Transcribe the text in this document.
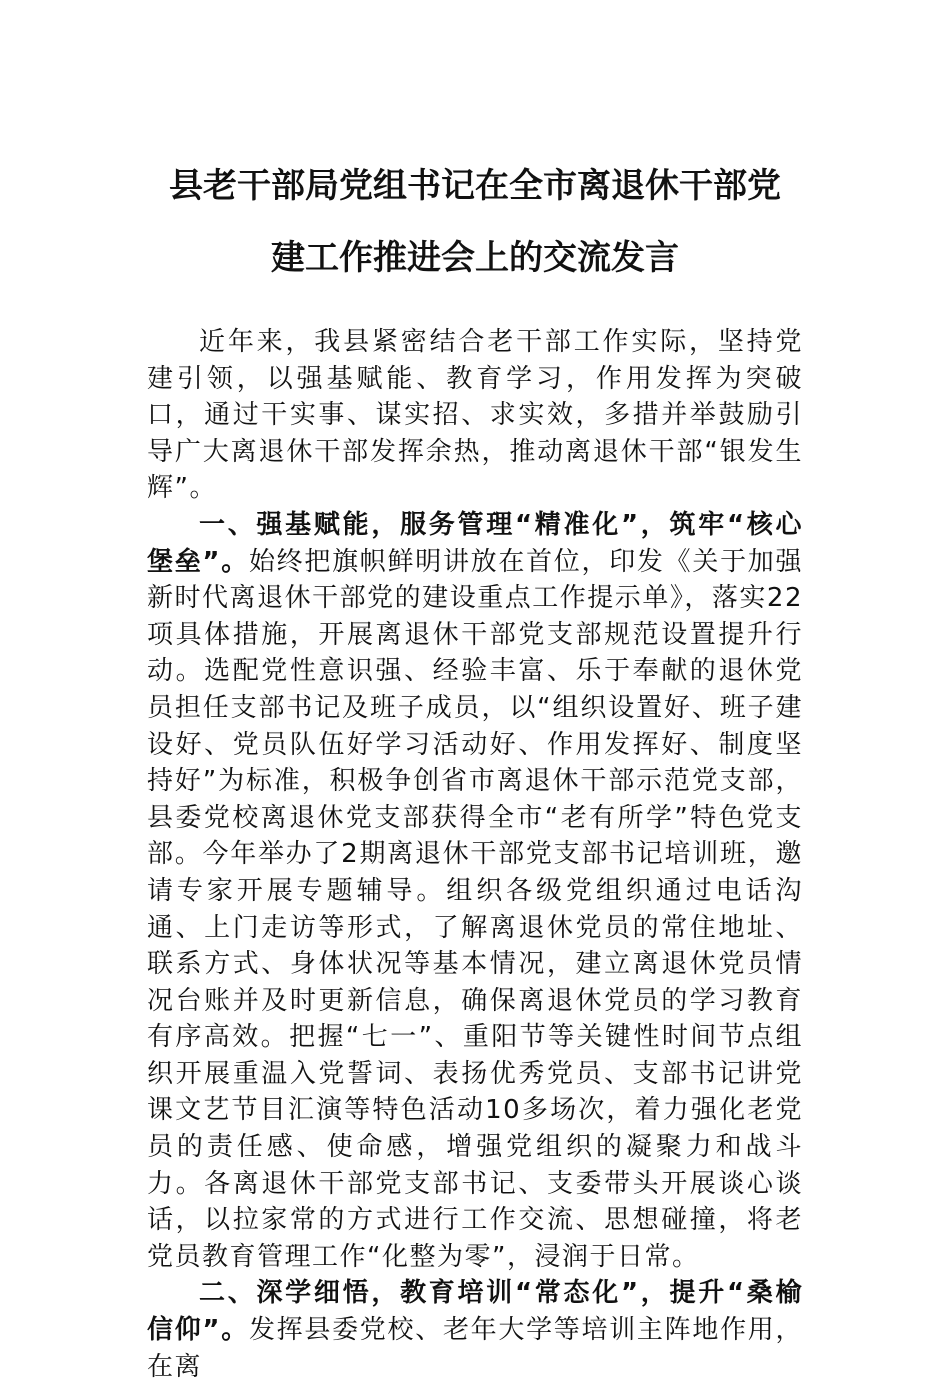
县老干部局党组书记在全市离退休干部党
建工作推进会上的交流发言

近年来，我县紧密结合老干部工作实际，坚持党建引领，以强基赋能、教育学习，作用发挥为突破口，通过干实事、谋实招、求实效，多措并举鼓励引导广大离退休干部发挥余热，推动离退休干部“银发生辉”。

一、强基赋能，服务管理“精准化”，筑牢“核心堡垒”。始终把旗帜鲜明讲放在首位，印发《关于加强新时代离退休干部党的建设重点工作提示单》，落实22项具体措施，开展离退休干部党支部规范设置提升行动。选配党性意识强、经验丰富、乐于奉献的退休党员担任支部书记及班子成员，以“组织设置好、班子建设好、党员队伍好学习活动好、作用发挥好、制度坚持好”为标准，积极争创省市离退休干部示范党支部，县委党校离退休党支部获得全市“老有所学”特色党支部。今年举办了2期离退休干部党支部书记培训班，邀请专家开展专题辅导。组织各级党组织通过电话沟通、上门走访等形式，了解离退休党员的常住地址、联系方式、身体状况等基本情况，建立离退休党员情况台账并及时更新信息，确保离退休党员的学习教育有序高效。把握“七一”、重阳节等关键性时间节点组织开展重温入党誓词、表扬优秀党员、支部书记讲党课文艺节目汇演等特色活动10多场次，着力强化老党员的责任感、使命感，增强党组织的凝聚力和战斗力。各离退休干部党支部书记、支委带头开展谈心谈话，以拉家常的方式进行工作交流、思想碰撞，将老党员教育管理工作“化整为零”，浸润于日常。

二、深学细悟，教育培训“常态化”，提升“桑榆信仰”。发挥县委党校、老年大学等培训主阵地作用，在离
